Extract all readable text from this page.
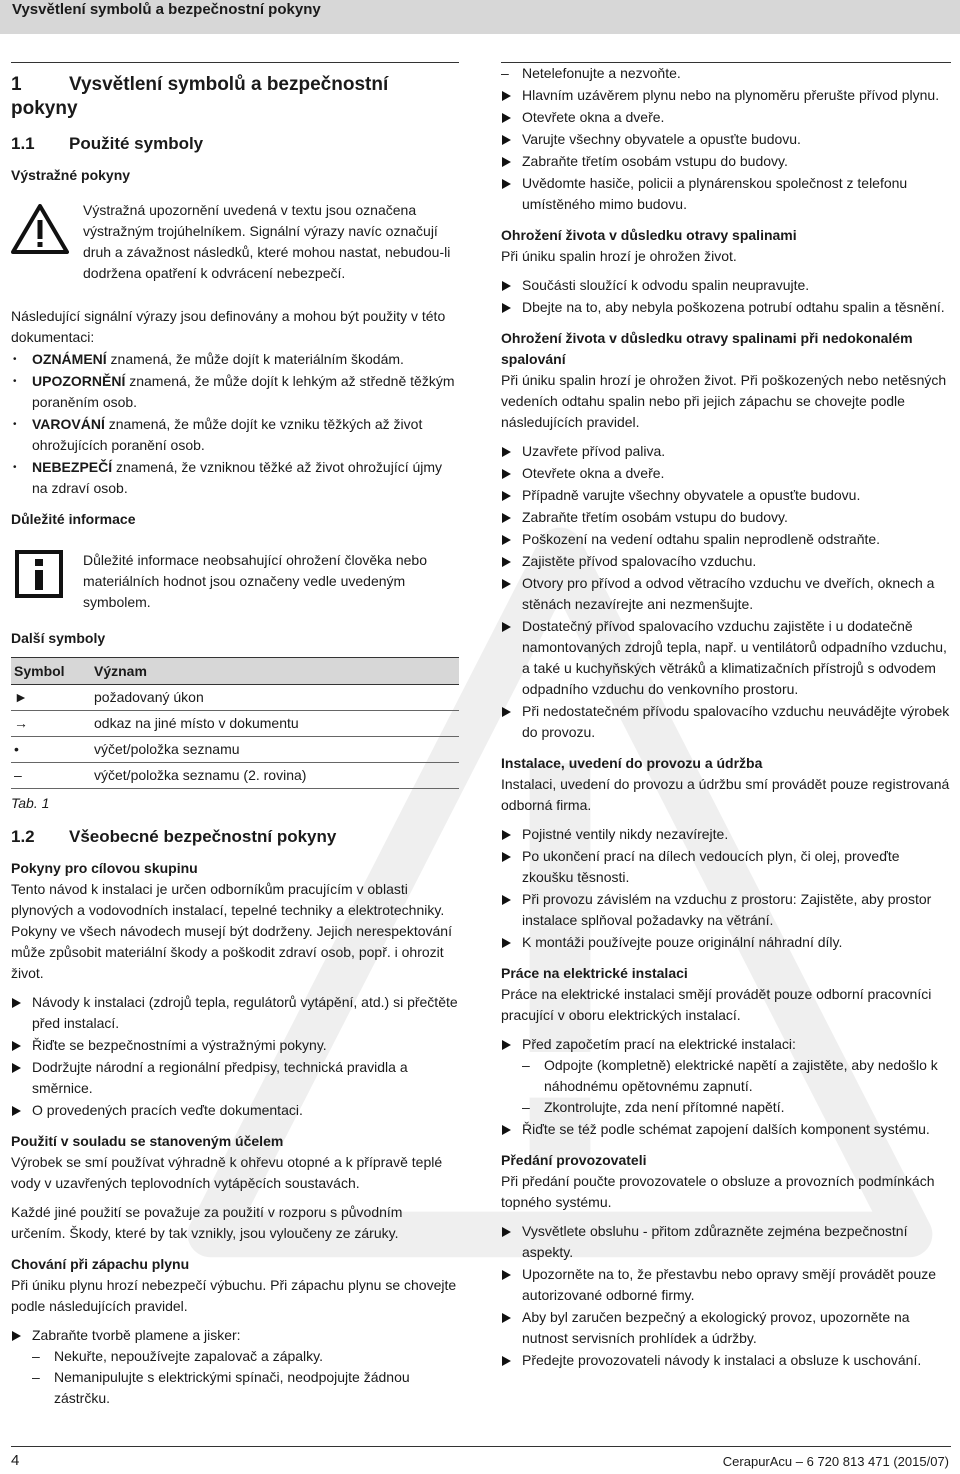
Vysvětlení symbolů a bezpečnostní pokyny
1 Vysvětlení symbolů a bezpečnostní pokyny
1.1 Použité symboly
Výstražné pokyny

Výstražná upozornění uvedená v textu jsou označena výstražným trojúhelníkem. Signální výrazy navíc označují druh a závažnost následků, které mohou nastat, nebudou-li dodržena opatření k odvrácení nebezpečí.

Následující signální výrazy jsou definovány a mohou být použity v této dokumentaci:

• OZNÁMENÍ znamená, že může dojít k materiálním škodám.
• UPOZORNĚNÍ znamená, že může dojít k lehkým až středně těžkým poraněním osob.
• VAROVÁNÍ znamená, že může dojít ke vzniku těžkých až život ohrožujících poranění osob.
• NEBEZPEČÍ znamená, že vzniknou těžké až život ohrožující újmy na zdraví osob.
Důležité informace

Důležité informace neobsahující ohrožení člověka nebo materiálních hodnot jsou označeny vedle uvedeným symbolem.

Další symboly
Symbol	Význam
►	požadovaný úkon
→	odkaz na jiné místo v dokumentu
•	výčet/položka seznamu
–	výčet/položka seznamu (2. rovina)
Tab. 1
1.2 Všeobecné bezpečnostní pokyny
Pokyny pro cílovou skupinu

Tento návod k instalaci je určen odborníkům pracujícím v oblasti plynových a vodovodních instalací, tepelné techniky a elektrotechniky. Pokyny ve všech návodech musejí být dodrženy. Jejich nerespektování může způsobit materiální škody a poškodit zdraví osob, popř. i ohrozit život.

Návody k instalaci (zdrojů tepla, regulátorů vytápění, atd.) si přečtěte před instalací.
Řiďte se bezpečnostními a výstražnými pokyny.
Dodržujte národní a regionální předpisy, technická pravidla a směrnice.
O provedených pracích veďte dokumentaci.
Použití v souladu se stanoveným účelem

Výrobek se smí používat výhradně k ohřevu otopné a k přípravě teplé vody v uzavřených teplovodních vytápěcích soustavách.

Každé jiné použití se považuje za použití v rozporu s původním určením. Škody, které by tak vznikly, jsou vyloučeny ze záruky.

Chování při zápachu plynu

Při úniku plynu hrozí nebezpečí výbuchu. Při zápachu plynu se chovejte podle následujících pravidel.

Zabraňte tvorbě plamene a jisker:
– Nekuřte, nepoužívejte zapalovač a zápalky.
– Nemanipulujte s elektrickými spínači, neodpojujte žádnou zástrčku.
– Netelefonujte a nezvoňte.
Hlavním uzávěrem plynu nebo na plynoměru přerušte přívod plynu.
Otevřete okna a dveře.
Varujte všechny obyvatele a opusťte budovu.
Zabraňte třetím osobám vstupu do budovy.
Uvědomte hasiče, policii a plynárenskou společnost z telefonu umístěného mimo budovu.
Ohrožení života v důsledku otravy spalinami

Při úniku spalin hrozí je ohrožen život.

Součásti sloužící k odvodu spalin neupravujte.
Dbejte na to, aby nebyla poškozena potrubí odtahu spalin a těsnění.
Ohrožení života v důsledku otravy spalinami při nedokonalém spalování

Při úniku spalin hrozí je ohrožen život. Při poškozených nebo netěsných vedeních odtahu spalin nebo při jejich zápachu se chovejte podle následujících pravidel.

Uzavřete přívod paliva.
Otevřete okna a dveře.
Případně varujte všechny obyvatele a opusťte budovu.
Zabraňte třetím osobám vstupu do budovy.
Poškození na vedení odtahu spalin neprodleně odstraňte.
Zajistěte přívod spalovacího vzduchu.
Otvory pro přívod a odvod větracího vzduchu ve dveřích, oknech a stěnách nezavírejte ani nezmenšujte.
Dostatečný přívod spalovacího vzduchu zajistěte i u dodatečně namontovaných zdrojů tepla, např. u ventilátorů odpadního vzduchu, a také u kuchyňských větráků a klimatizačních přístrojů s odvodem odpadního vzduchu do venkovního prostoru.
Při nedostatečném přívodu spalovacího vzduchu neuvádějte výrobek do provozu.
Instalace, uvedení do provozu a údržba

Instalaci, uvedení do provozu a údržbu smí provádět pouze registrovaná odborná firma.

Pojistné ventily nikdy nezavírejte.
Po ukončení prací na dílech vedoucích plyn, či olej, proveďte zkoušku těsnosti.
Při provozu závislém na vzduchu z prostoru: Zajistěte, aby prostor instalace splňoval požadavky na větrání.
K montáži používejte pouze originální náhradní díly.
Práce na elektrické instalaci

Práce na elektrické instalaci smějí provádět pouze odborní pracovníci pracující v oboru elektrických instalací.

Před započetím prací na elektrické instalaci:
– Odpojte (kompletně) elektrické napětí a zajistěte, aby nedošlo k náhodnému opětovnému zapnutí.
– Zkontrolujte, zda není přítomné napětí.
Řiďte se též podle schémat zapojení dalších komponent systému.
Předání provozovateli

Při předání poučte provozovatele o obsluze a provozních podmínkách topného systému.

Vysvětlete obsluhu - přitom zdůrazněte zejména bezpečnostní aspekty.
Upozorněte na to, že přestavbu nebo opravy smějí provádět pouze autorizované odborné firmy.
Aby byl zaručen bezpečný a ekologický provoz, upozorněte na nutnost servisních prohlídek a údržby.
Předejte provozovateli návody k instalaci a obsluze k uschování.
4	CerapurAcu – 6 720 813 471 (2015/07)
